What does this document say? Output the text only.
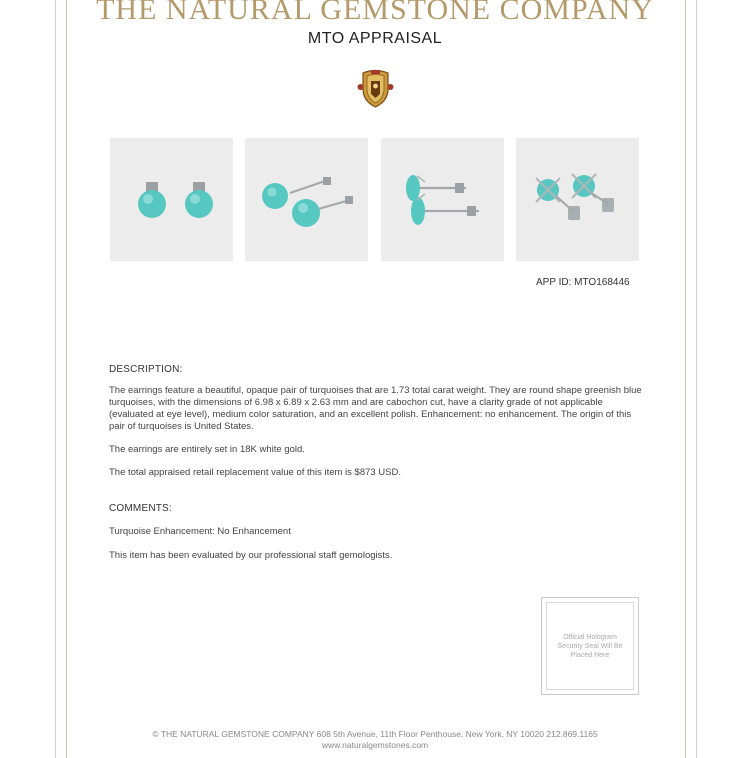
THE NATURAL GEMSTONE COMPANY
MTO APPRAISAL
APP ID: MTO168446
DESCRIPTION:
The earrings feature a beautiful, opaque pair of turquoises that are 1.73 total carat weight. They are round shape greenish blue turquoises, with the dimensions of 6.98 x 6.89 x 2.63 mm and are cabochon cut, have a clarity grade of not applicable (evaluated at eye level), medium color saturation, and an excellent polish. Enhancement: no enhancement. The origin of this pair of turquoises is United States.
The earrings are entirely set in 18K white gold.
The total appraised retail replacement value of this item is $873 USD.
COMMENTS:
Turquoise Enhancement: No Enhancement
This item has been evaluated by our professional staff gemologists.
Official Hologram Security Seal Will Be Placed Here
© THE NATURAL GEMSTONE COMPANY 608 5th Avenue, 11th Floor Penthouse, New York, NY 10020 212.869.1165
www.naturalgemstones.com
